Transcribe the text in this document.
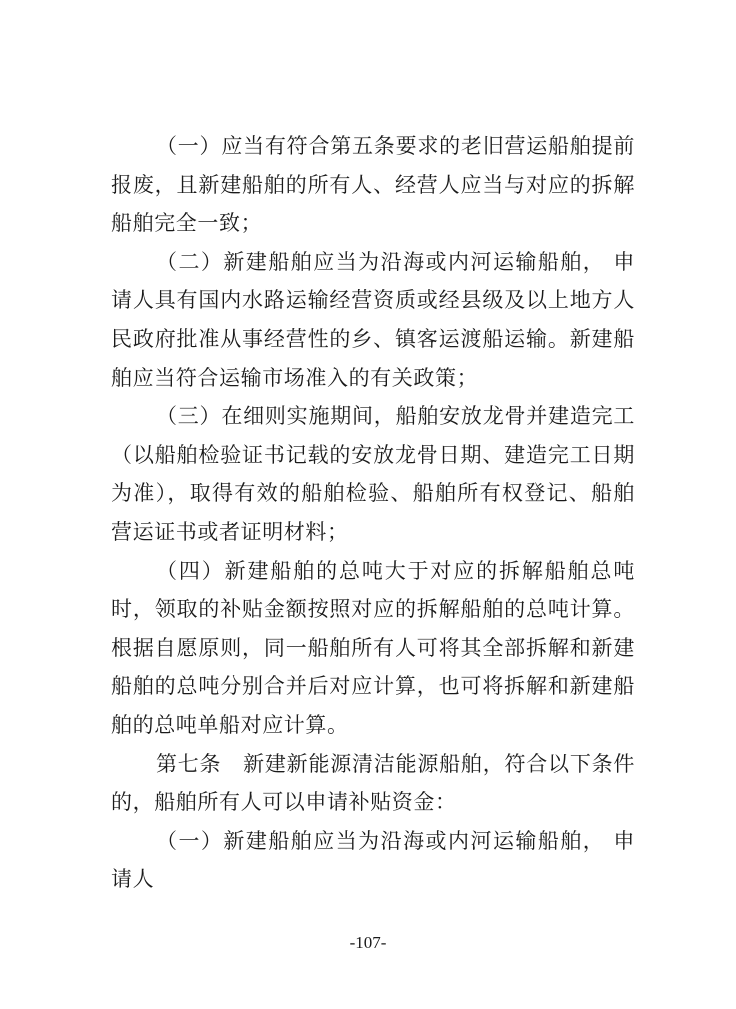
（一）应当有符合第五条要求的老旧营运船舶提前报废，且新建船舶的所有人、经营人应当与对应的拆解船舶完全一致；

（二）新建船舶应当为沿海或内河运输船舶， 申请人具有国内水路运输经营资质或经县级及以上地方人民政府批准从事经营性的乡、镇客运渡船运输。新建船舶应当符合运输市场准入的有关政策；

（三）在细则实施期间，船舶安放龙骨并建造完工（以船舶检验证书记载的安放龙骨日期、建造完工日期为准），取得有效的船舶检验、船舶所有权登记、船舶营运证书或者证明材料；

（四）新建船舶的总吨大于对应的拆解船舶总吨时，领取的补贴金额按照对应的拆解船舶的总吨计算。根据自愿原则，同一船舶所有人可将其全部拆解和新建船舶的总吨分别合并后对应计算，也可将拆解和新建船舶的总吨单船对应计算。

第七条　新建新能源清洁能源船舶，符合以下条件的，船舶所有人可以申请补贴资金：

（一）新建船舶应当为沿海或内河运输船舶， 申请人

-107-
